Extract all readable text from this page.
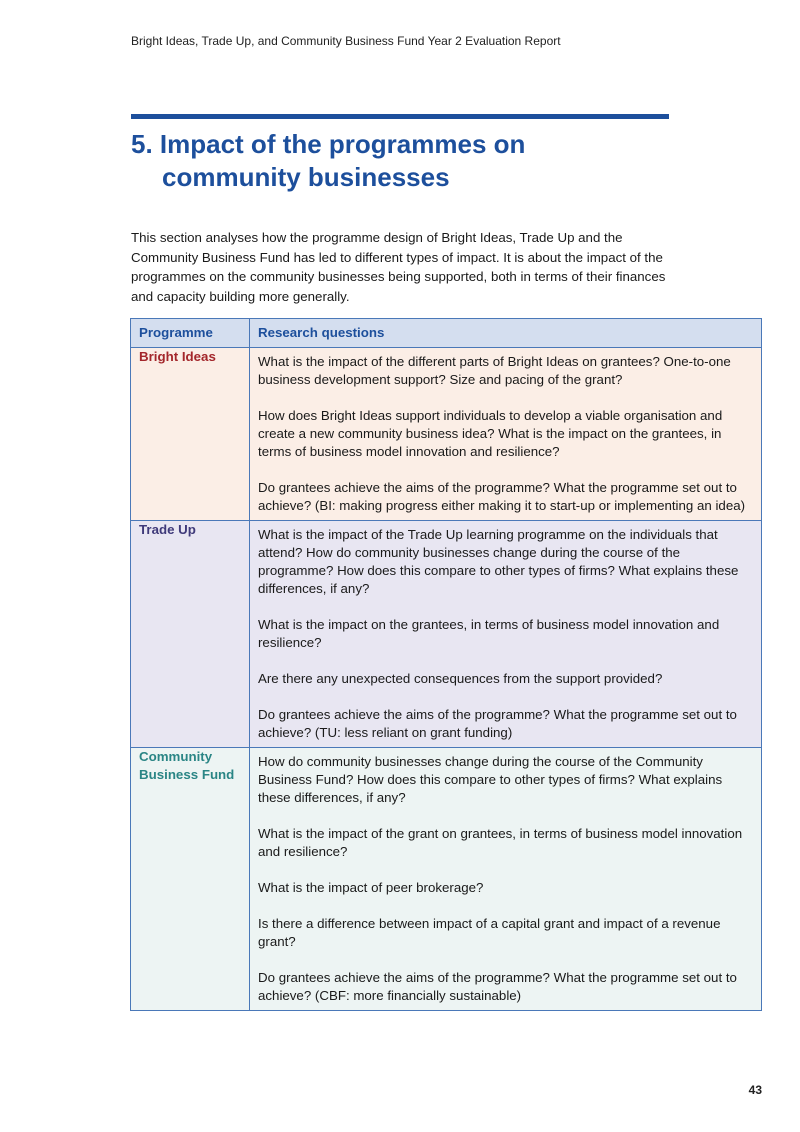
Bright Ideas, Trade Up, and Community Business Fund Year 2 Evaluation Report
5. Impact of the programmes on
community businesses

This section analyses how the programme design of Bright Ideas, Trade Up and the Community Business Fund has led to different types of impact. It is about the impact of the programmes on the community businesses being supported, both in terms of their finances and capacity building more generally.

Programme	Research questions
Bright Ideas	What is the impact of the different parts of Bright Ideas on grantees? One-to-one business development support? Size and pacing of the grant?

How does Bright Ideas support individuals to develop a viable organisation and create a new community business idea? What is the impact on the grantees, in terms of business model innovation and resilience?

Do grantees achieve the aims of the programme? What the programme set out to achieve? (BI: making progress either making it to start-up or implementing an idea)

Trade Up	What is the impact of the Trade Up learning programme on the individuals that attend? How do community businesses change during the course of the programme? How does this compare to other types of firms? What explains these differences, if any?

What is the impact on the grantees, in terms of business model innovation and resilience?

Are there any unexpected consequences from the support provided?

Do grantees achieve the aims of the programme? What the programme set out to achieve? (TU: less reliant on grant funding)

Community Business Fund	How do community businesses change during the course of the Community Business Fund? How does this compare to other types of firms? What explains these differences, if any?

What is the impact of the grant on grantees, in terms of business model innovation and resilience?

What is the impact of peer brokerage?

Is there a difference between impact of a capital grant and impact of a revenue grant?

Do grantees achieve the aims of the programme? What the programme set out to achieve? (CBF: more financially sustainable)

43
